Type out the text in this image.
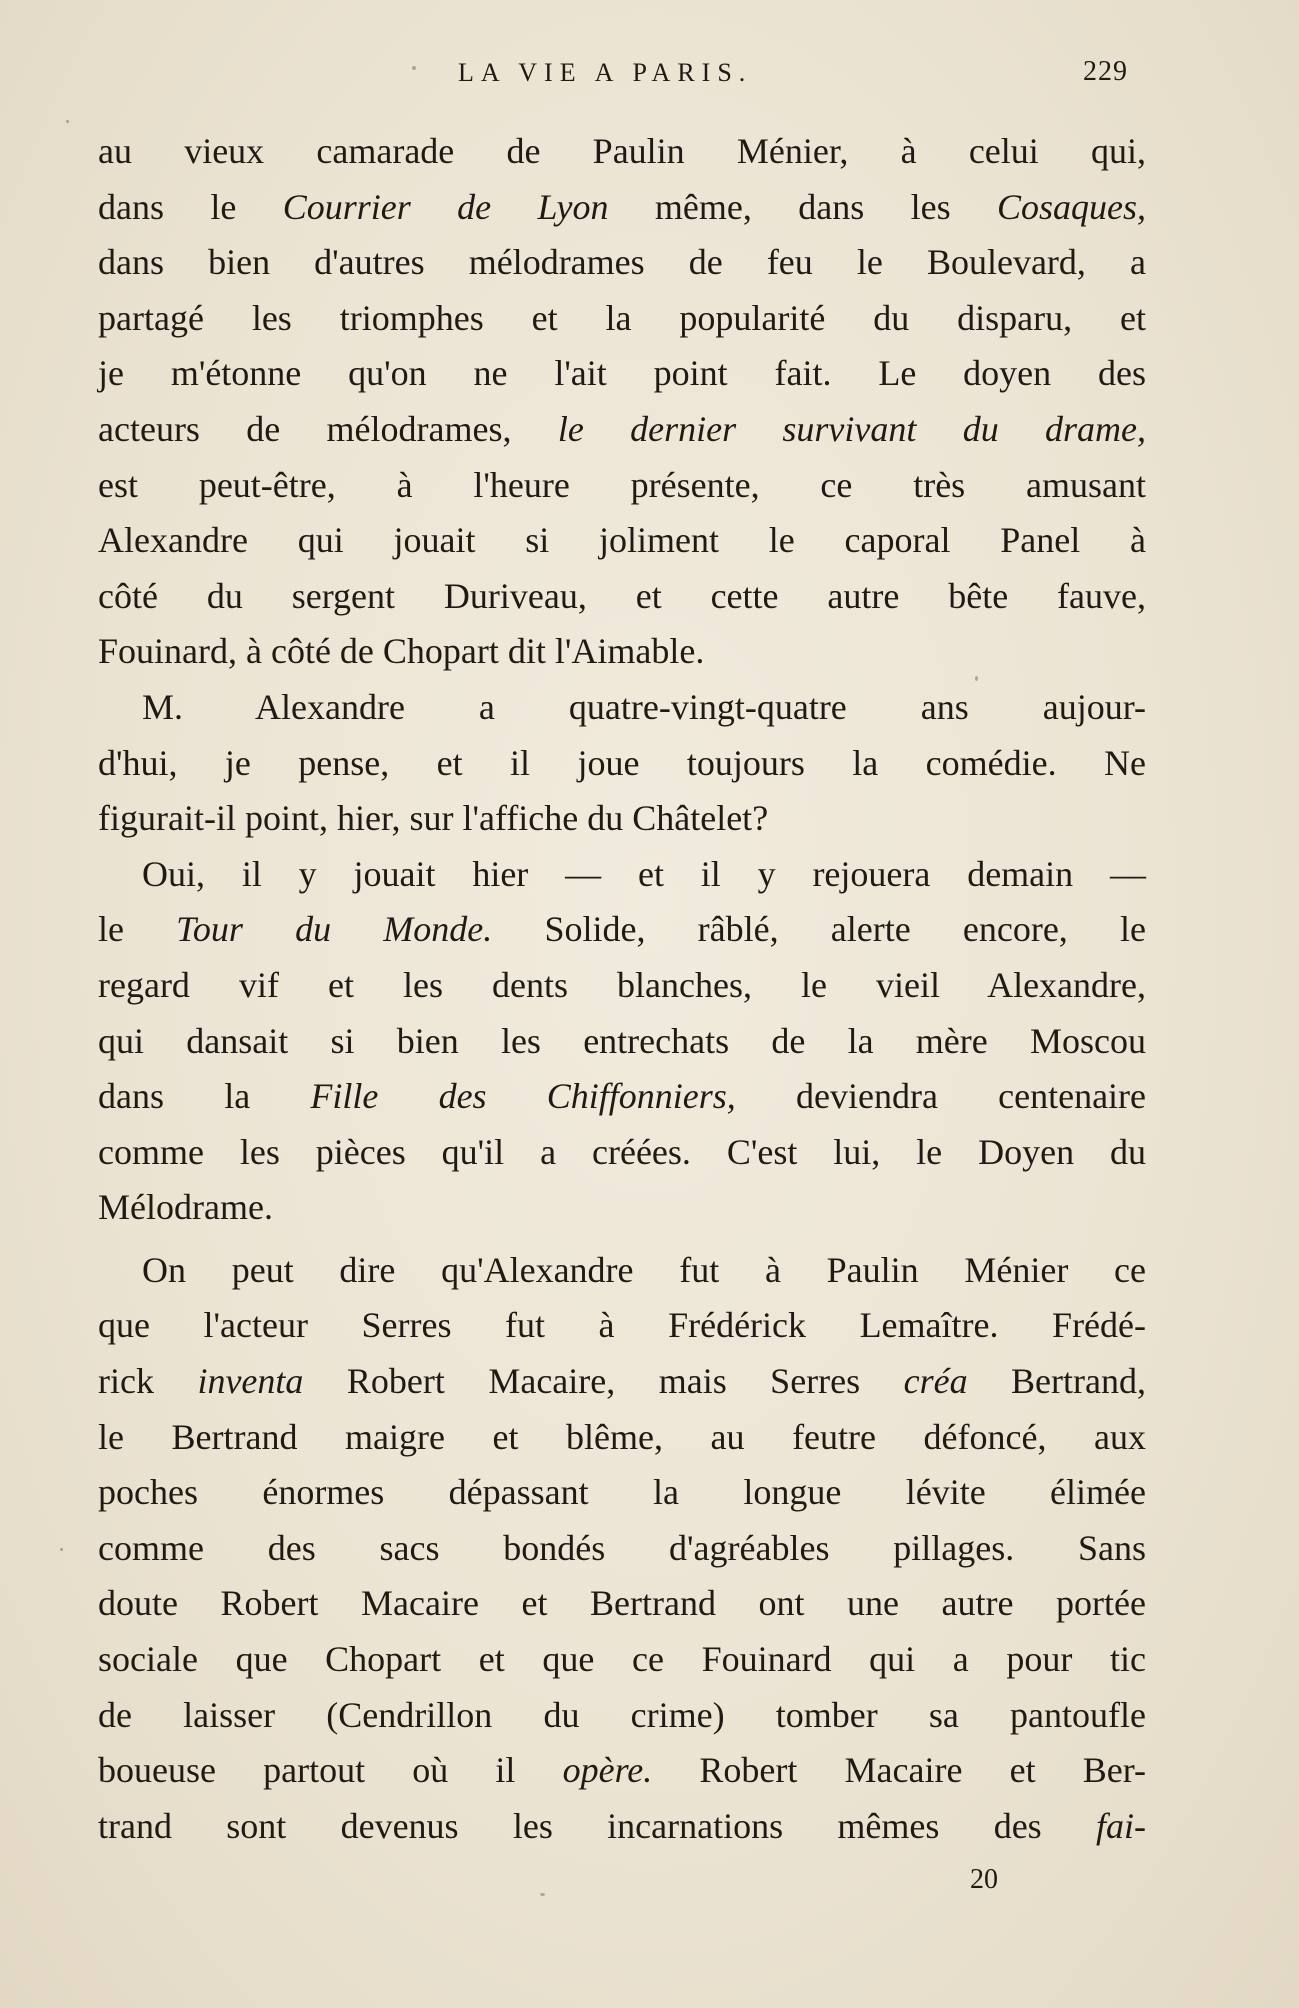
LA VIE A PARIS.	229
au vieux camarade de Paulin Ménier, à celui qui,
dans le Courrier de Lyon même, dans les Cosaques,
dans bien d'autres mélodrames de feu le Boulevard, a
partagé les triomphes et la popularité du disparu, et
je m'étonne qu'on ne l'ait point fait. Le doyen des
acteurs de mélodrames, le dernier survivant du drame,
est peut-être, à l'heure présente, ce très amusant
Alexandre qui jouait si joliment le caporal Panel à
côté du sergent Duriveau, et cette autre bête fauve,
Fouinard, à côté de Chopart dit l'Aimable.
M. Alexandre a quatre-vingt-quatre ans aujour-
d'hui, je pense, et il joue toujours la comédie. Ne
figurait-il point, hier, sur l'affiche du Châtelet?
Oui, il y jouait hier — et il y rejouera demain —
le Tour du Monde. Solide, râblé, alerte encore, le
regard vif et les dents blanches, le vieil Alexandre,
qui dansait si bien les entrechats de la mère Moscou
dans la Fille des Chiffonniers, deviendra centenaire
comme les pièces qu'il a créées. C'est lui, le Doyen du
Mélodrame.
On peut dire qu'Alexandre fut à Paulin Ménier ce
que l'acteur Serres fut à Frédérick Lemaître. Frédé-
rick inventa Robert Macaire, mais Serres créa Bertrand,
le Bertrand maigre et blême, au feutre défoncé, aux
poches énormes dépassant la longue lévite élimée
comme des sacs bondés d'agréables pillages. Sans
doute Robert Macaire et Bertrand ont une autre portée
sociale que Chopart et que ce Fouinard qui a pour tic
de laisser (Cendrillon du crime) tomber sa pantoufle
boueuse partout où il opère. Robert Macaire et Ber-
trand sont devenus les incarnations mêmes des fai-
20
